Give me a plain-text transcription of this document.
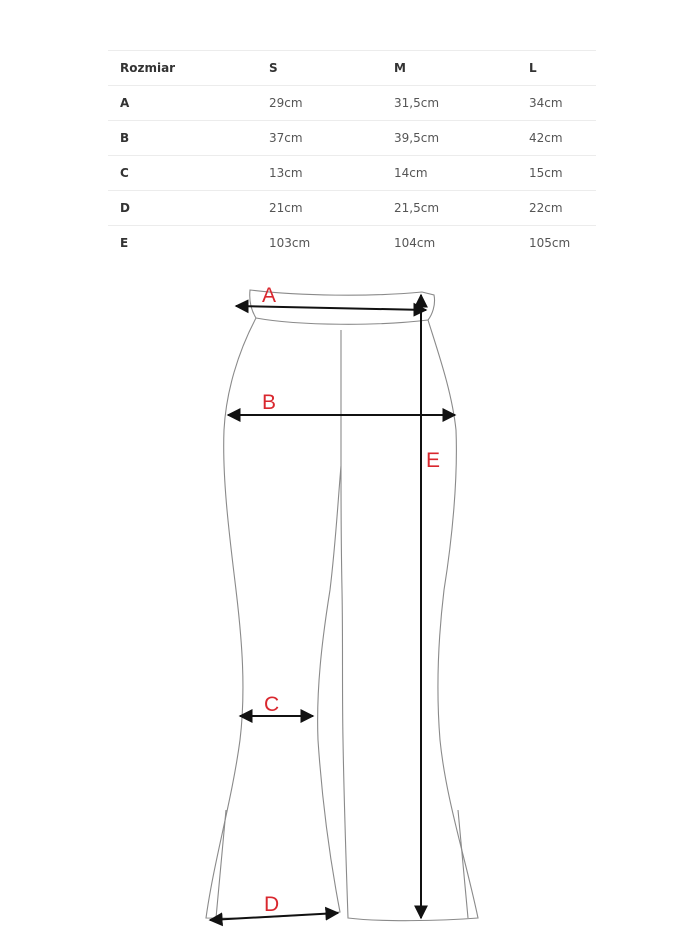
Rozmiar	S	M	L
A	29cm	31,5cm	34cm
B	37cm	39,5cm	42cm
C	13cm	14cm	15cm
D	21cm	21,5cm	22cm
E	103cm	104cm	105cm
A
B
C
D
E
